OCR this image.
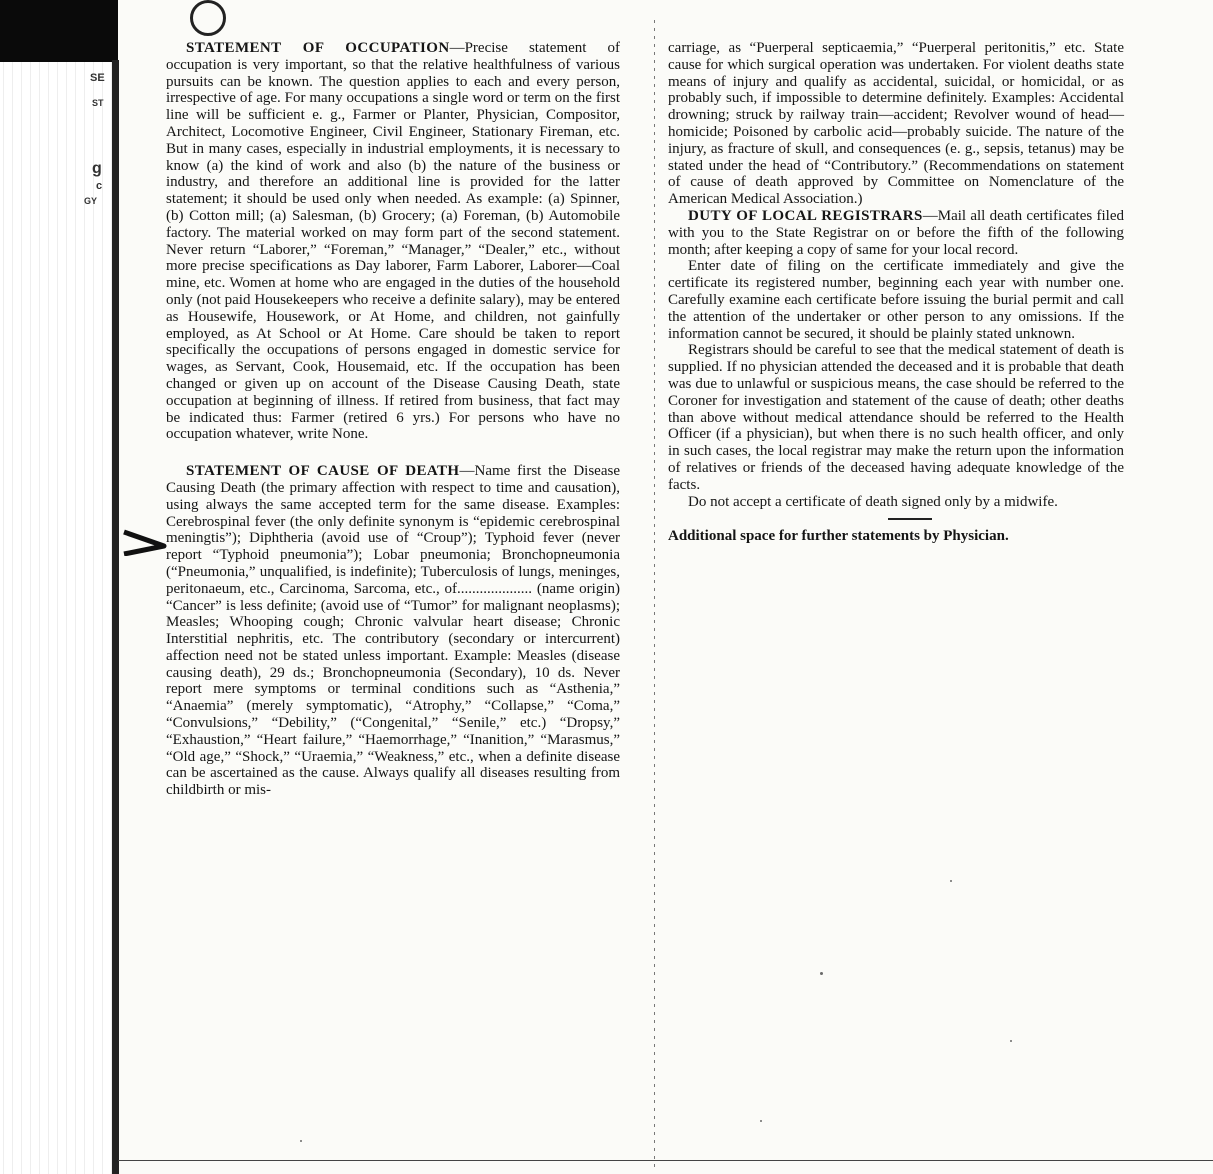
SE
ST
g
c
GY

STATEMENT OF OCCUPATION—Precise statement of occupation is very important, so that the relative healthfulness of various pursuits can be known. The question applies to each and every person, irrespective of age. For many occupations a single word or term on the first line will be sufficient e. g., Farmer or Planter, Physician, Compositor, Architect, Locomotive Engineer, Civil Engineer, Stationary Fireman, etc. But in many cases, especially in industrial employments, it is necessary to know (a) the kind of work and also (b) the nature of the business or industry, and therefore an additional line is provided for the latter statement; it should be used only when needed. As example: (a) Spinner, (b) Cotton mill; (a) Salesman, (b) Grocery; (a) Foreman, (b) Automobile factory. The material worked on may form part of the second statement. Never return “Laborer,” “Foreman,” “Manager,” “Dealer,” etc., without more precise specifications as Day laborer, Farm Laborer, Laborer—Coal mine, etc. Women at home who are engaged in the duties of the household only (not paid Housekeepers who receive a definite salary), may be entered as Housewife, Housework, or At Home, and children, not gainfully employed, as At School or At Home. Care should be taken to report specifically the occupations of persons engaged in domestic service for wages, as Servant, Cook, Housemaid, etc. If the occupation has been changed or given up on account of the Disease Causing Death, state occupation at beginning of illness. If retired from business, that fact may be indicated thus: Farmer (retired 6 yrs.) For persons who have no occupation whatever, write None.

STATEMENT OF CAUSE OF DEATH—Name first the Disease Causing Death (the primary affection with respect to time and causation), using always the same accepted term for the same disease. Examples: Cerebrospinal fever (the only definite synonym is “epidemic cerebrospinal meningtis”); Diphtheria (avoid use of “Croup”); Typhoid fever (never report “Typhoid pneumonia”); Lobar pneumonia; Bronchopneumonia (“Pneumonia,” unqualified, is indefinite); Tuberculosis of lungs, meninges, peritonaeum, etc., Carcinoma, Sarcoma, etc., of.................... (name origin) “Cancer” is less definite; (avoid use of “Tumor” for malignant neoplasms); Measles; Whooping cough; Chronic valvular heart disease; Chronic Interstitial nephritis, etc. The contributory (secondary or intercurrent) affection need not be stated unless important. Example: Measles (disease causing death), 29 ds.; Bronchopneumonia (Secondary), 10 ds. Never report mere symptoms or terminal conditions such as “Asthenia,” “Anaemia” (merely symptomatic), “Atrophy,” “Collapse,” “Coma,” “Convulsions,” “Debility,” (“Congenital,” “Senile,” etc.) “Dropsy,” “Exhaustion,” “Heart failure,” “Haemorrhage,” “Inanition,” “Marasmus,” “Old age,” “Shock,” “Uraemia,” “Weakness,” etc., when a definite disease can be ascertained as the cause. Always qualify all diseases resulting from childbirth or mis-

carriage, as “Puerperal septicaemia,” “Puerperal peritonitis,” etc. State cause for which surgical operation was undertaken. For violent deaths state means of injury and qualify as accidental, suicidal, or homicidal, or as probably such, if impossible to determine definitely. Examples: Accidental drowning; struck by railway train—accident; Revolver wound of head—homicide; Poisoned by carbolic acid—probably suicide. The nature of the injury, as fracture of skull, and consequences (e. g., sepsis, tetanus) may be stated under the head of “Contributory.” (Recommendations on statement of cause of death approved by Committee on Nomenclature of the American Medical Association.)

DUTY OF LOCAL REGISTRARS—Mail all death certificates filed with you to the State Registrar on or before the fifth of the following month; after keeping a copy of same for your local record.

Enter date of filing on the certificate immediately and give the certificate its registered number, beginning each year with number one. Carefully examine each certificate before issuing the burial permit and call the attention of the undertaker or other person to any omissions. If the information cannot be secured, it should be plainly stated unknown.

Registrars should be careful to see that the medical statement of death is supplied. If no physician attended the deceased and it is probable that death was due to unlawful or suspicious means, the case should be referred to the Coroner for investigation and statement of the cause of death; other deaths than above without medical attendance should be referred to the Health Officer (if a physician), but when there is no such health officer, and only in such cases, the local registrar may make the return upon the information of relatives or friends of the deceased having adequate knowledge of the facts.

Do not accept a certificate of death signed only by a midwife.

Additional space for further statements by Physician.
